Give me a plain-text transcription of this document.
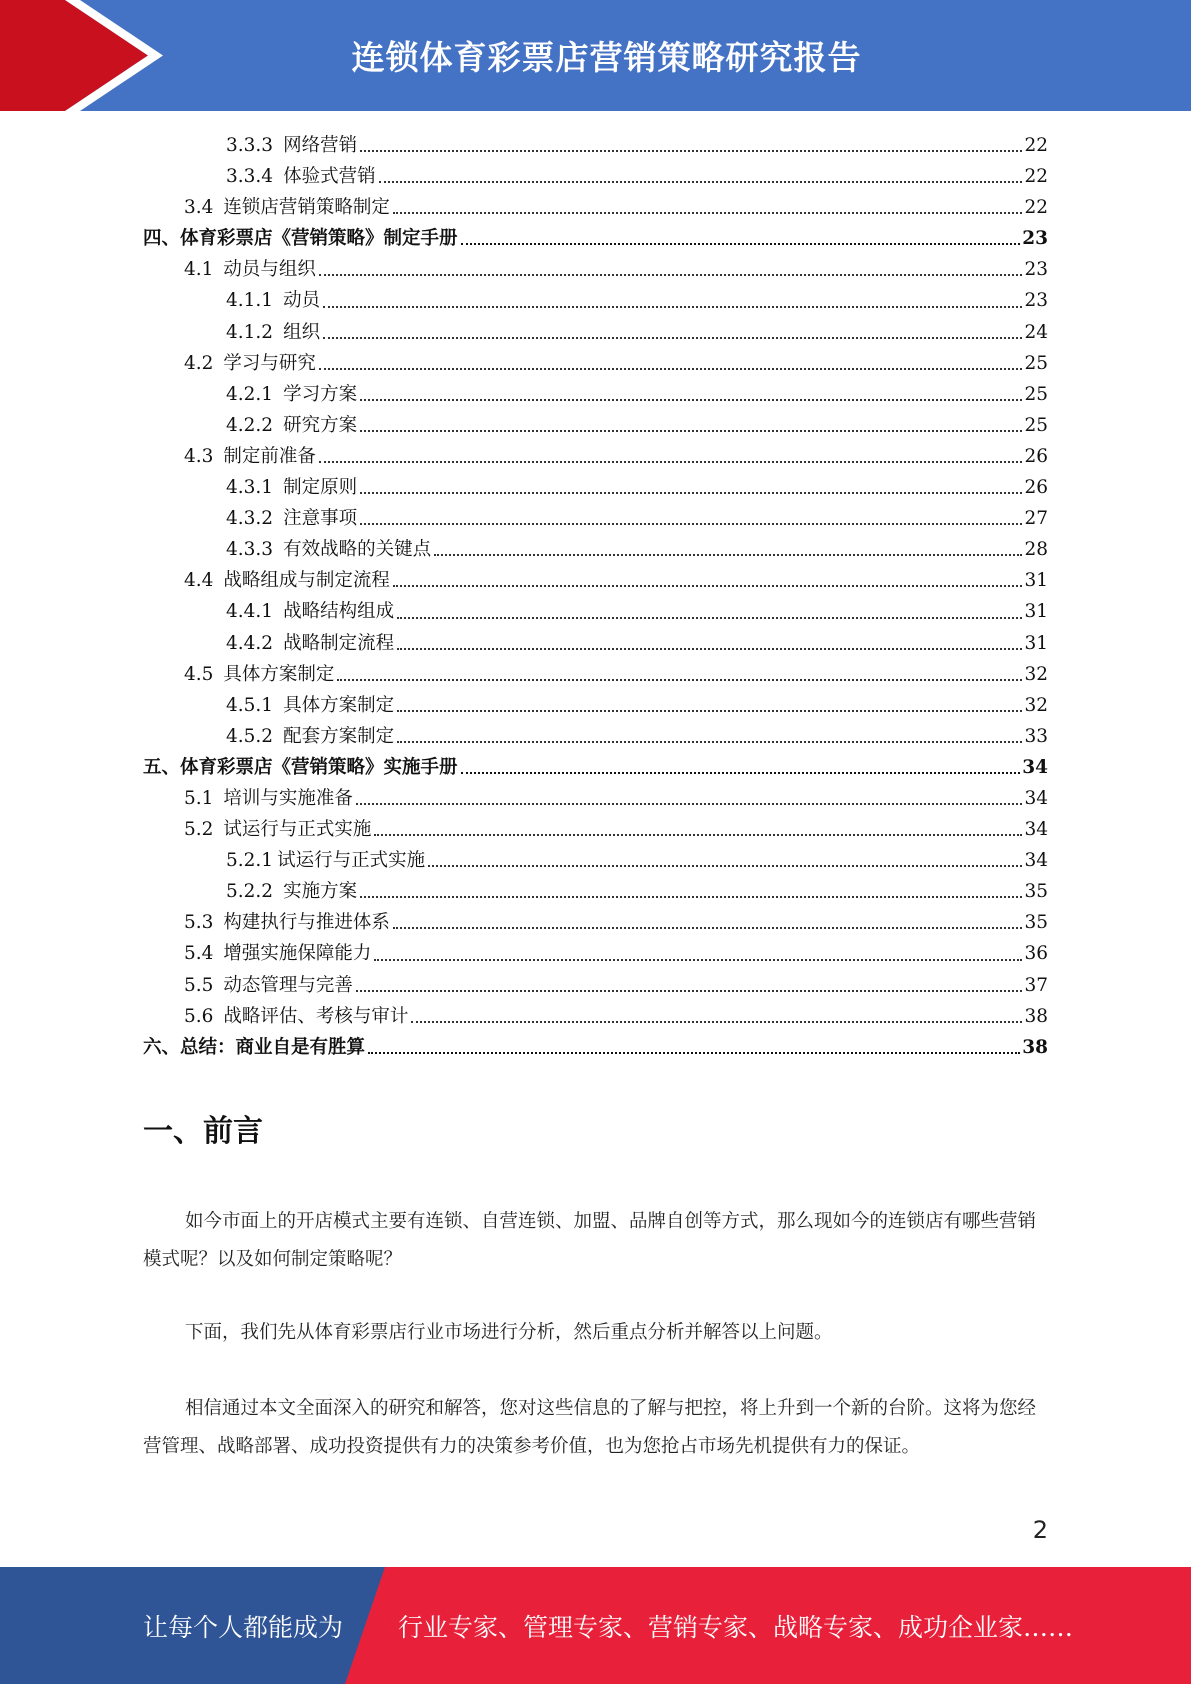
连锁体育彩票店营销策略研究报告
3.3.3 网络营销	22
3.3.4 体验式营销	22
3.4 连锁店营销策略制定	22
四、 体育彩票店《营销策略》制定手册	23
4.1 动员与组织	23
4.1.1 动员	23
4.1.2 组织	24
4.2 学习与研究	25
4.2.1 学习方案	25
4.2.2 研究方案	25
4.3 制定前准备	26
4.3.1 制定原则	26
4.3.2 注意事项	27
4.3.3 有效战略的关键点	28
4.4 战略组成与制定流程	31
4.4.1 战略结构组成	31
4.4.2 战略制定流程	31
4.5 具体方案制定	32
4.5.1 具体方案制定	32
4.5.2 配套方案制定	33
五、 体育彩票店《营销策略》实施手册	34
5.1 培训与实施准备	34
5.2 试运行与正式实施	34
5.2.1 试运行与正式实施	34
5.2.2 实施方案	35
5.3 构建执行与推进体系	35
5.4 增强实施保障能力	36
5.5 动态管理与完善	37
5.6 战略评估、考核与审计	38
六、 总结：商业自是有胜算	38
一、前言

如今市面上的开店模式主要有连锁、自营连锁、加盟、品牌自创等方式，那么现如今的连锁店有哪些营销模式呢？以及如何制定策略呢？

下面，我们先从体育彩票店行业市场进行分析，然后重点分析并解答以上问题。

相信通过本文全面深入的研究和解答，您对这些信息的了解与把控，将上升到一个新的台阶。这将为您经营管理、战略部署、成功投资提供有力的决策参考价值，也为您抢占市场先机提供有力的保证。

2
让每个人都能成为 行业专家、管理专家、营销专家、战略专家、成功企业家……
